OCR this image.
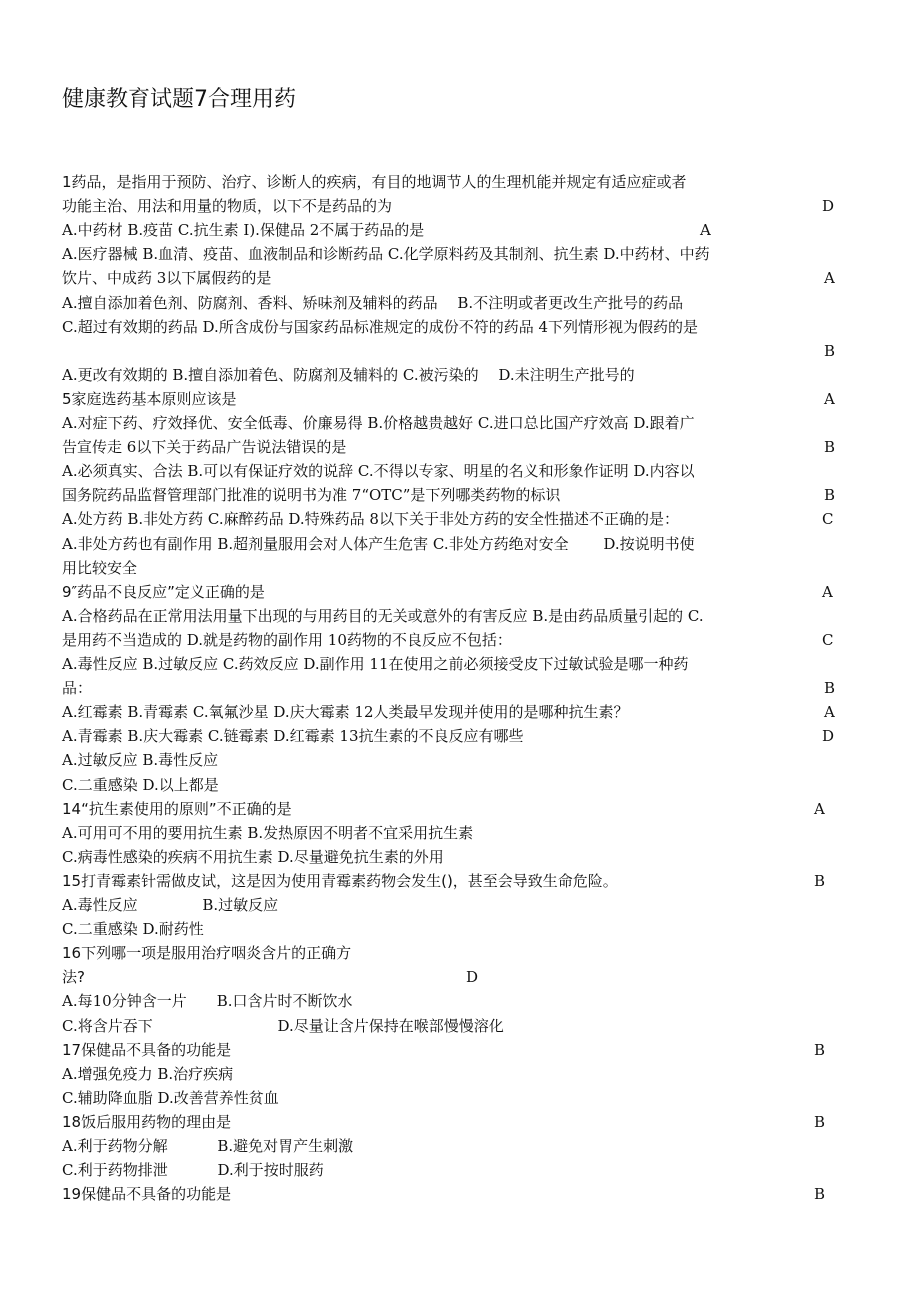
健康教育试题7合理用药
1药品，是指用于预防、治疗、诊断人的疾病，有目的地调节人的生理机能并规定有适应症或者
功能主治、用法和用量的物质，以下不是药品的为
A.中药材 B.疫苗 C.抗生素 I).保健品 2不属于药品的是
A.医疗器械 B.血清、疫苗、血液制品和诊断药品 C.化学原料药及其制剂、抗生素 D.中药材、中药
饮片、中成药 3以下属假药的是
A.擅自添加着色剂、防腐剂、香料、矫味剂及辅料的药品　 B.不注明或者更改生产批号的药品
C.超过有效期的药品 D.所含成份与国家药品标准规定的成份不符的药品 4下列情形视为假药的是
A.更改有效期的 B.擅自添加着色、防腐剂及辅料的 C.被污染的　 D.未注明生产批号的
5家庭选药基本原则应该是
A.对症下药、疗效择优、安全低毒、价廉易得 B.价格越贵越好 C.进口总比国产疗效高 D.跟着广
告宣传走 6以下关于药品广告说法错误的是
A.必须真实、合法 B.可以有保证疗效的说辞 C.不得以专家、明星的名义和形象作证明 D.内容以
国务院药品监督管理部门批准的说明书为准 7“OTC”是下列哪类药物的标识
A.处方药 B.非处方药 C.麻醉药品 D.特殊药品 8以下关于非处方药的安全性描述不正确的是：
A.非处方药也有副作用 B.超剂量服用会对人体产生危害 C.非处方药绝对安全　　 D.按说明书使
用比较安全
9″药品不良反应”定义正确的是
A.合格药品在正常用法用量下出现的与用药目的无关或意外的有害反应 B.是由药品质量引起的 C.
是用药不当造成的 D.就是药物的副作用 10药物的不良反应不包括：
A.毒性反应 B.过敏反应 C.药效反应 D.副作用 11在使用之前必须接受皮下过敏试验是哪一种药
品：
A.红霉素 B.青霉素 C.氧氟沙星 D.庆大霉素 12人类最早发现并使用的是哪种抗生素？
A.青霉素 B.庆大霉素 C.链霉素 D.红霉素 13抗生素的不良反应有哪些
A.过敏反应 B.毒性反应
C.二重感染 D.以上都是
14“抗生素使用的原则”不正确的是
A.可用可不用的要用抗生素 B.发热原因不明者不宜采用抗生素
C.病毒性感染的疾病不用抗生素 D.尽量避免抗生素的外用
15打青霉素针需做皮试，这是因为使用青霉素药物会发生()，甚至会导致生命危险。
A.毒性反应　　　　 B.过敏反应
C.二重感染 D.耐药性
16下列哪一项是服用治疗咽炎含片的正确方
法?
A.每10分钟含一片　　B.口含片时不断饮水
C.将含片吞下　　　　　　　　 D.尽量让含片保持在喉部慢慢溶化
17保健品不具备的功能是
A.增强免疫力 B.治疗疾病
C.辅助降血脂 D.改善营养性贫血
18饭后服用药物的理由是
A.利于药物分解　　　 B.避免对胃产生刺激
C.利于药物排泄　　　 D.利于按时服药
19保健品不具备的功能是
D
A
A
B
A
B
B
C
A
C
B
A
D
A
B
D
B
B
B
